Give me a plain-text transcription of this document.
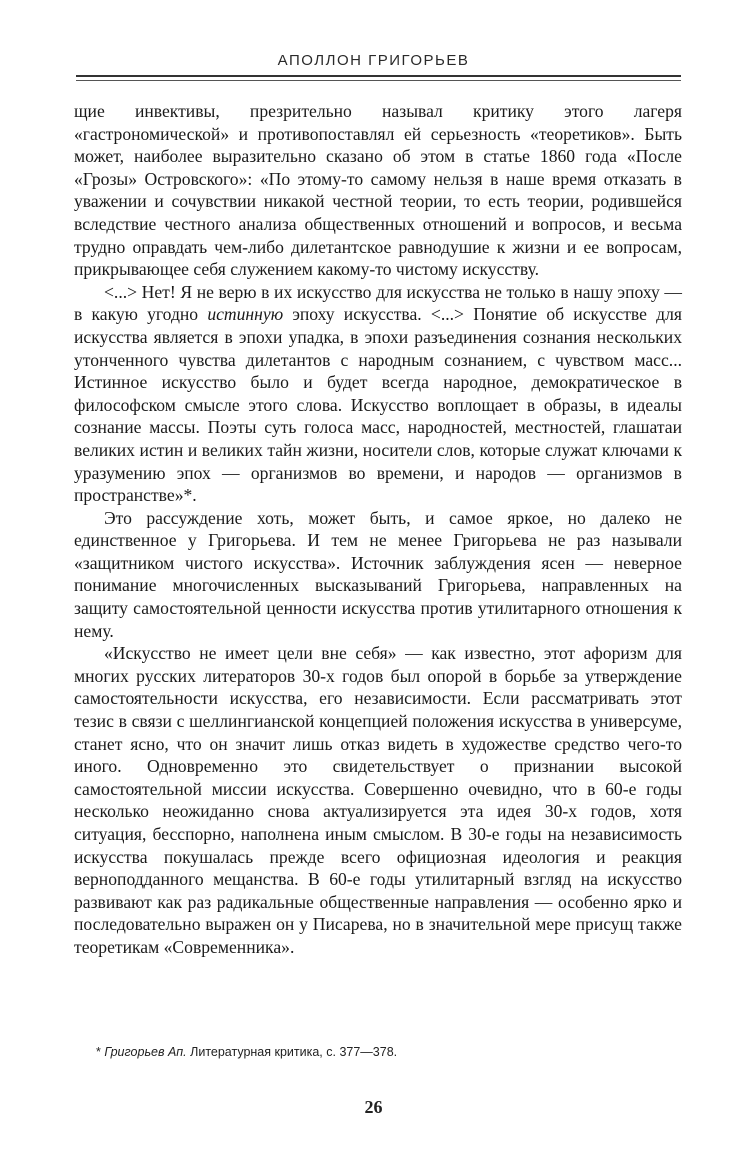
АПОЛЛОН ГРИГОРЬЕВ

щие инвективы, презрительно называл критику этого лагеря «гастрономической» и противопоставлял ей серьезность «теоретиков». Быть может, наиболее выразительно сказано об этом в статье 1860 года «После «Грозы» Островского»: «По этому-то самому нельзя в наше время отказать в уважении и сочувствии никакой честной теории, то есть теории, родившейся вследствие честного анализа общественных отношений и вопросов, и весьма трудно оправдать чем-либо дилетантское равнодушие к жизни и ее вопросам, прикрывающее себя служением какому-то чистому искусству.

<...> Нет! Я не верю в их искусство для искусства не только в нашу эпоху — в какую угодно истинную эпоху искусства. <...> Понятие об искусстве для искусства является в эпохи упадка, в эпохи разъединения сознания нескольких утонченного чувства дилетантов с народным сознанием, с чувством масс... Истинное искусство было и будет всегда народное, демократическое в философском смысле этого слова. Искусство воплощает в образы, в идеалы сознание массы. Поэты суть голоса масс, народностей, местностей, глашатаи великих истин и великих тайн жизни, носители слов, которые служат ключами к уразумению эпох — организмов во времени, и народов — организмов в пространстве»*.

Это рассуждение хоть, может быть, и самое яркое, но далеко не единственное у Григорьева. И тем не менее Григорьева не раз называли «защитником чистого искусства». Источник заблуждения ясен — неверное понимание многочисленных высказываний Григорьева, направленных на защиту самостоятельной ценности искусства против утилитарного отношения к нему.

«Искусство не имеет цели вне себя» — как известно, этот афоризм для многих русских литераторов 30-х годов был опорой в борьбе за утверждение самостоятельности искусства, его независимости. Если рассматривать этот тезис в связи с шеллингианской концепцией положения искусства в универсуме, станет ясно, что он значит лишь отказ видеть в художестве средство чего-то иного. Одновременно это свидетельствует о признании высокой самостоятельной миссии искусства. Совершенно очевидно, что в 60-е годы несколько неожиданно снова актуализируется эта идея 30-х годов, хотя ситуация, бесспорно, наполнена иным смыслом. В 30-е годы на независимость искусства покушалась прежде всего официозная идеология и реакция верноподданного мещанства. В 60-е годы утилитарный взгляд на искусство развивают как раз радикальные общественные направления — особенно ярко и последовательно выражен он у Писарева, но в значительной мере присущ также теоретикам «Современника».

* Григорьев Ап. Литературная критика, с. 377—378.
26
